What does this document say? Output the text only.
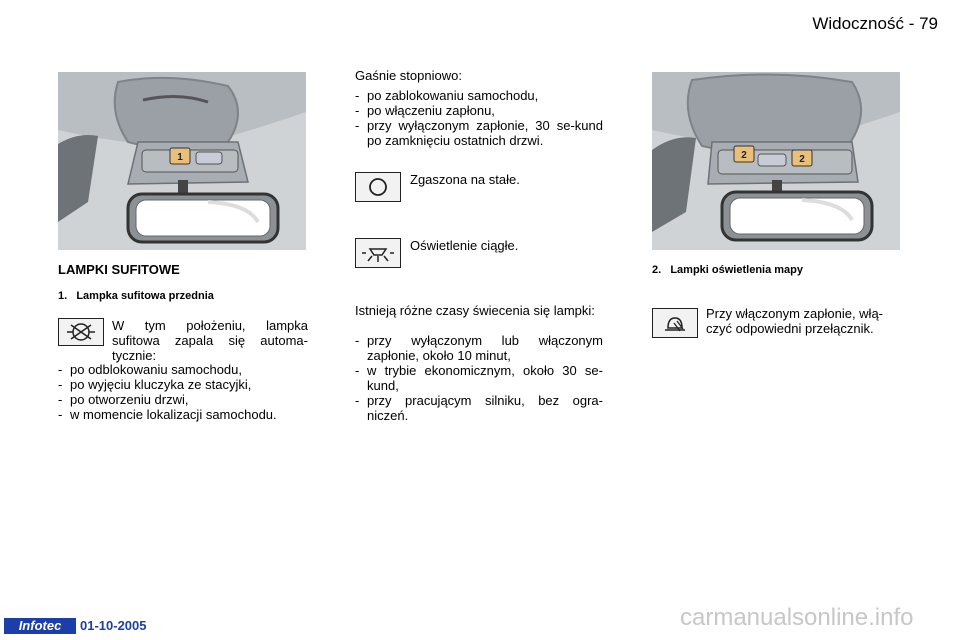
Widoczność - 79
1
LAMPKI SUFITOWE
1.   Lampka sufitowa przednia
W tym położeniu, lampka sufitowa zapala się automa-tycznie:
- po odblokowaniu samochodu,
- po wyjęciu kluczyka ze stacyjki,
- po otworzeniu drzwi,
- w momencie lokalizacji samochodu.
Gaśnie stopniowo:
- po zablokowaniu samochodu,
- po włączeniu zapłonu,
- przy wyłączonym zapłonie, 30 se-kund po zamknięciu ostatnich drzwi.
Zgaszona na stałe.
Oświetlenie ciągłe.
Istnieją różne czasy świecenia się lampki:
- przy wyłączonym lub włączonym zapłonie, około 10 minut,
- w trybie ekonomicznym, około 30 se-kund,
- przy pracującym silniku, bez ogra-niczeń.
2	2
2.   Lampki oświetlenia mapy
Przy włączonym zapłonie, włą-czyć odpowiedni przełącznik.
Infotec	01-10-2005	carmanualsonline.info
